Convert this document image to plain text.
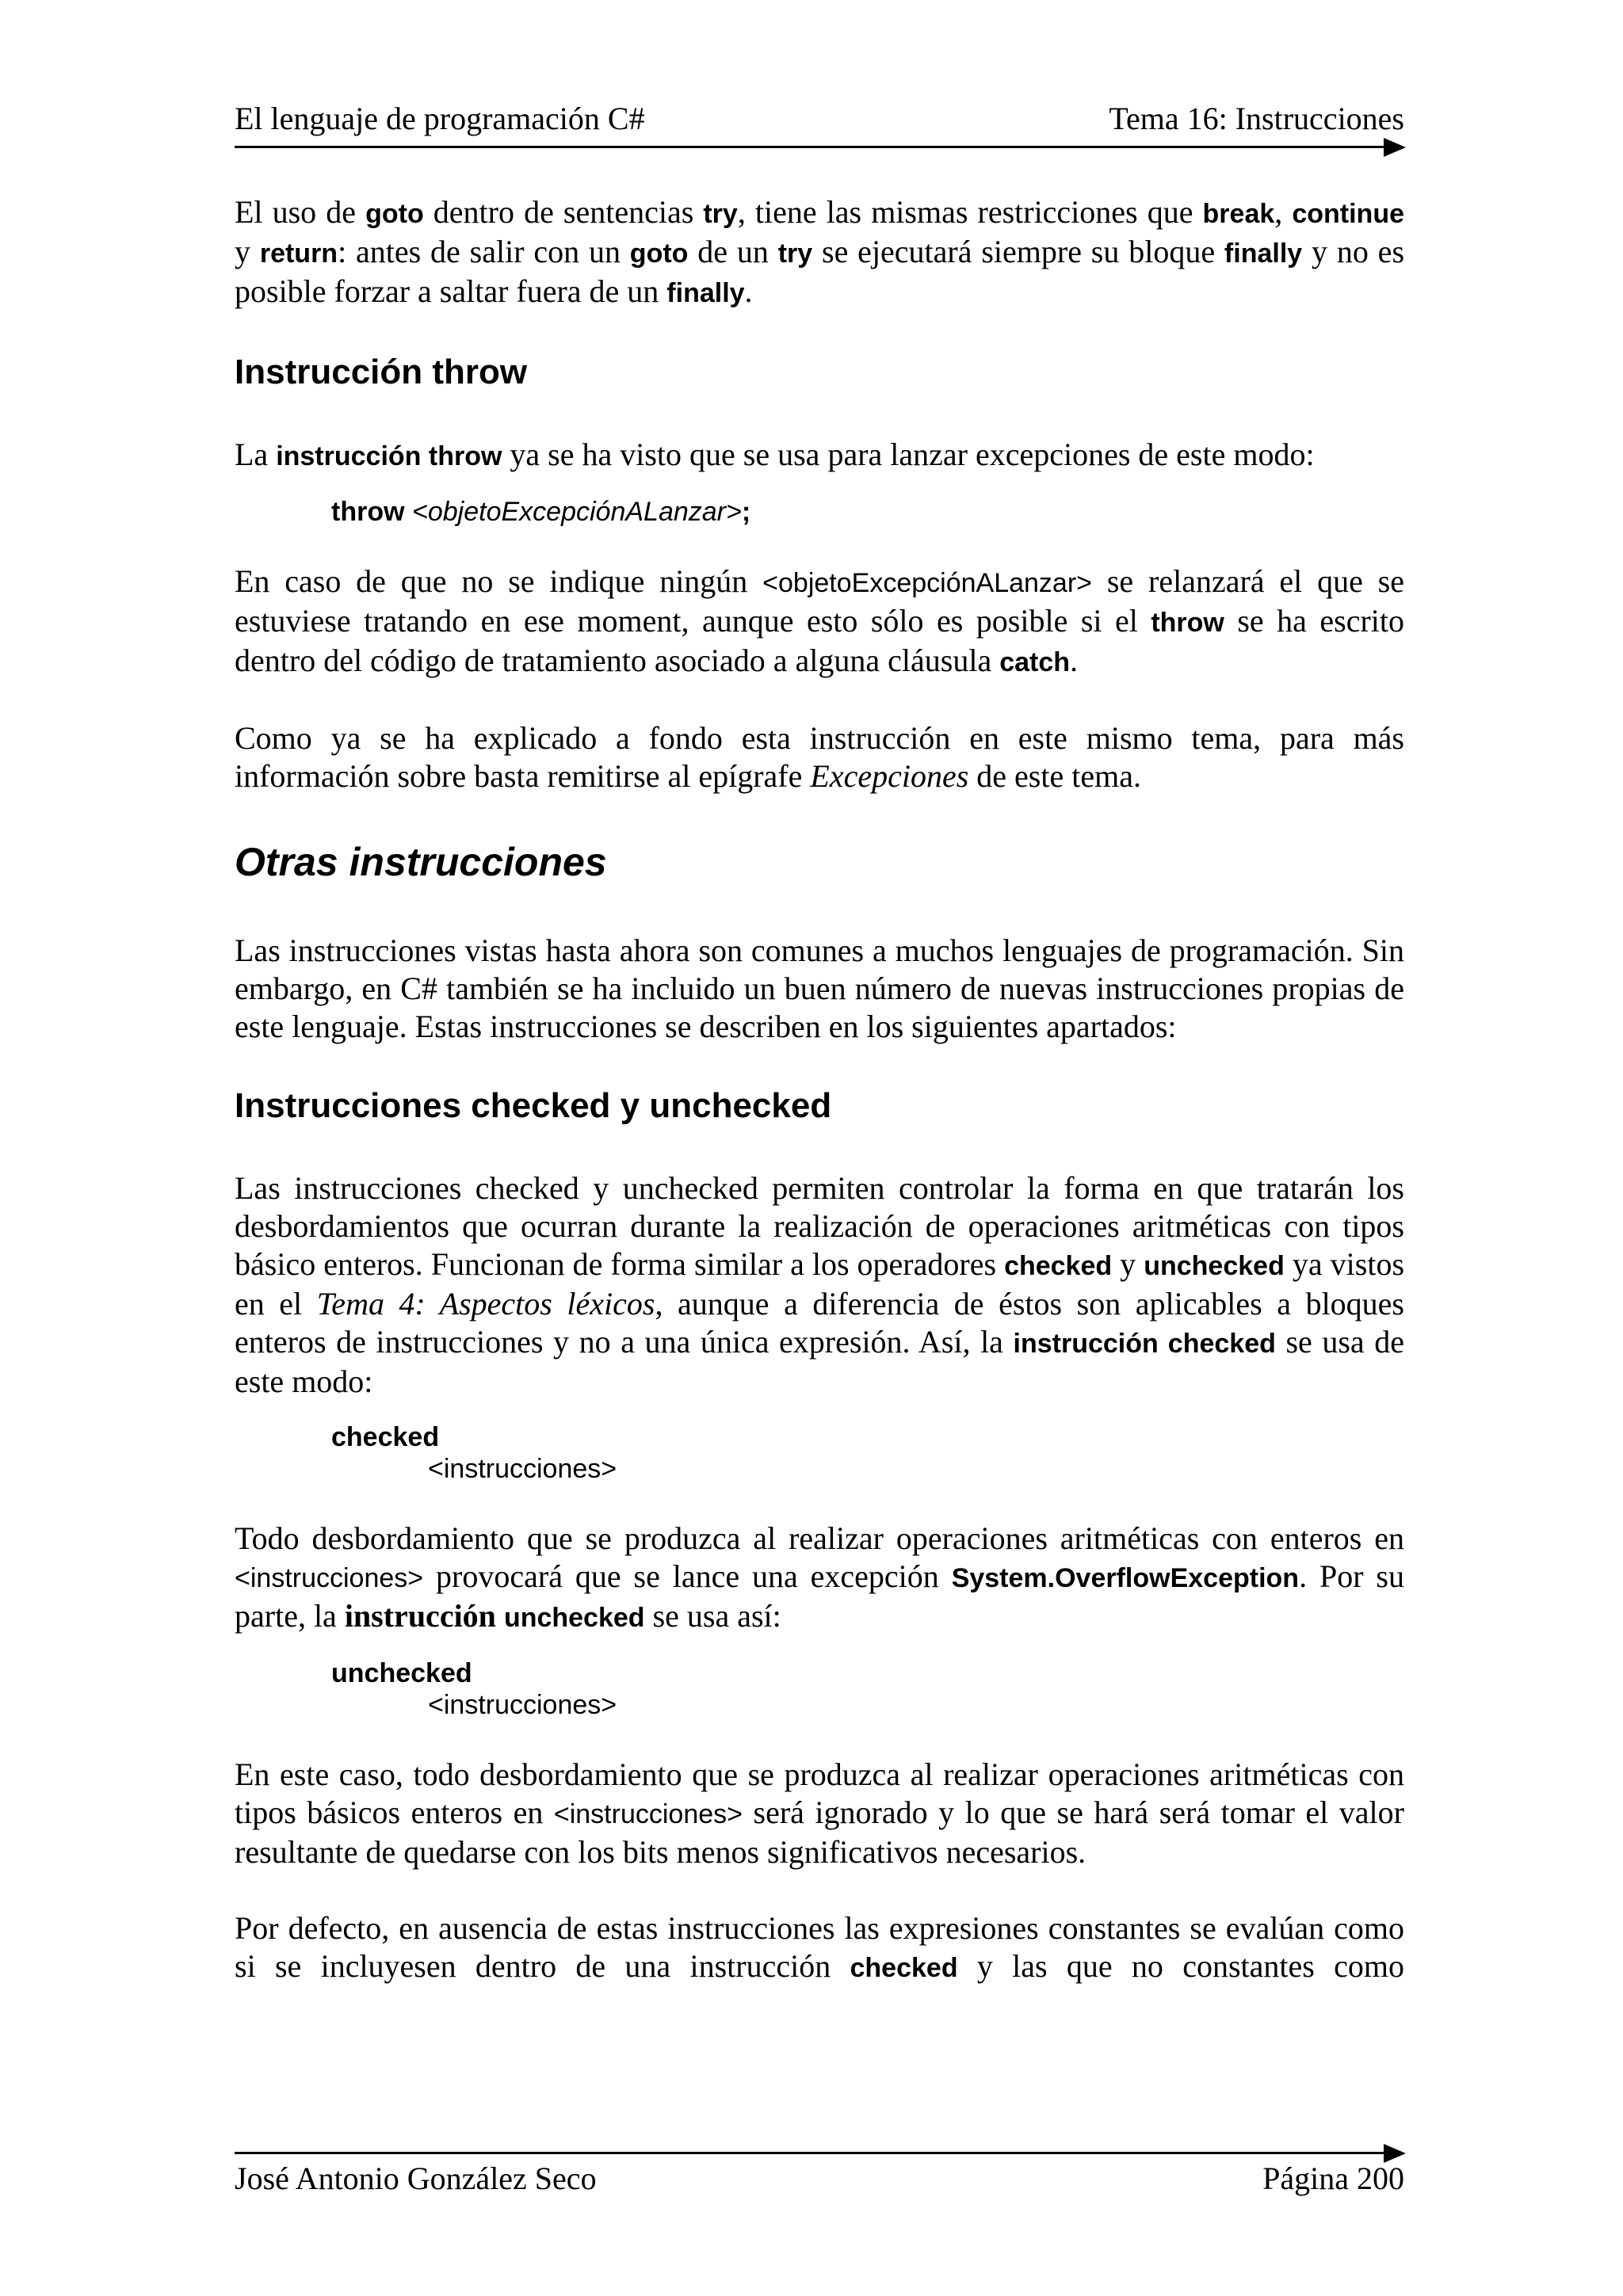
El lenguaje de programación C#	Tema 16: Instrucciones

El uso de goto dentro de sentencias try, tiene las mismas restricciones que break, continue y return: antes de salir con un goto de un try se ejecutará siempre su bloque finally y no es posible forzar a saltar fuera de un finally.

Instrucción throw

La instrucción throw ya se ha visto que se usa para lanzar excepciones de este modo:

throw <objetoExcepciónALanzar>;

En caso de que no se indique ningún <objetoExcepciónALanzar> se relanzará el que se estuviese tratando en ese moment, aunque esto sólo es posible si el throw se ha escrito dentro del código de tratamiento asociado a alguna cláusula catch.

Como ya se ha explicado a fondo esta instrucción en este mismo tema, para más información sobre basta remitirse al epígrafe Excepciones de este tema.

Otras instrucciones

Las instrucciones vistas hasta ahora son comunes a muchos lenguajes de programación. Sin embargo, en C# también se ha incluido un buen número de nuevas instrucciones propias de este lenguaje. Estas instrucciones se describen en los siguientes apartados:

Instrucciones checked y unchecked

Las instrucciones checked y unchecked permiten controlar la forma en que tratarán los desbordamientos que ocurran durante la realización de operaciones aritméticas con tipos básico enteros. Funcionan de forma similar a los operadores checked y unchecked ya vistos en el Tema 4: Aspectos léxicos, aunque a diferencia de éstos son aplicables a bloques enteros de instrucciones y no a una única expresión. Así, la instrucción checked se usa de este modo:

checked
<instrucciones>

Todo desbordamiento que se produzca al realizar operaciones aritméticas con enteros en <instrucciones> provocará que se lance una excepción System.OverflowException. Por su parte, la instrucción unchecked se usa así:

unchecked
<instrucciones>

En este caso, todo desbordamiento que se produzca al realizar operaciones aritméticas con tipos básicos enteros en <instrucciones> será ignorado y lo que se hará será tomar el valor resultante de quedarse con los bits menos significativos necesarios.

Por defecto, en ausencia de estas instrucciones las expresiones constantes se evalúan como si se incluyesen dentro de una instrucción checked y las que no constantes como

José Antonio González Seco	Página 200
